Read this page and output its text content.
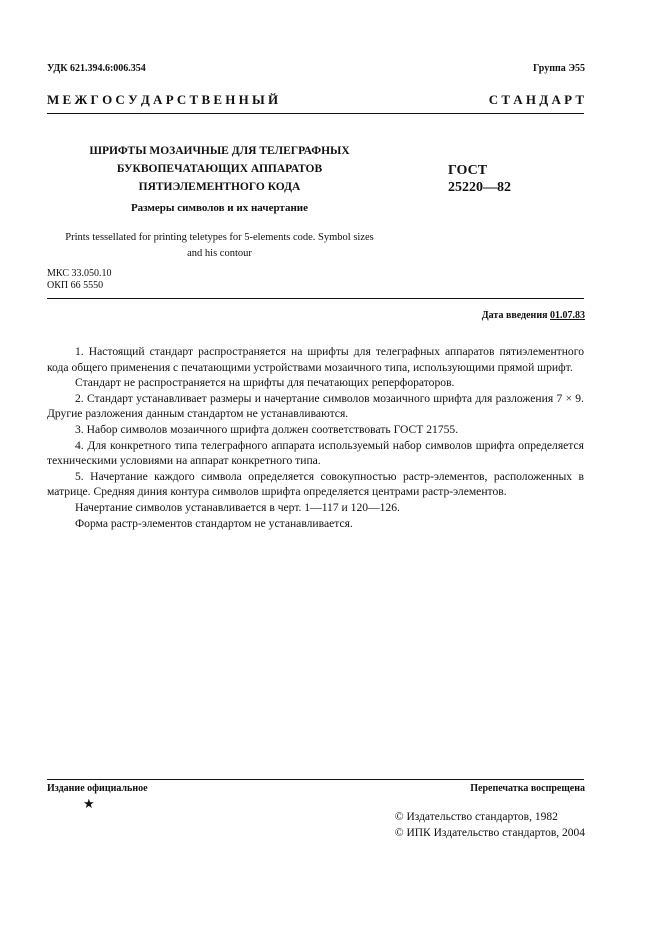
УДК 621.394.6:006.354	Группа Э55
М Е Ж Г О С У Д А Р С Т В Е Н Н Ы Й	С Т А Н Д А Р Т
ШРИФТЫ МОЗАИЧНЫЕ ДЛЯ ТЕЛЕГРАФНЫХ
БУКВОПЕЧАТАЮЩИХ АППАРАТОВ
ПЯТИЭЛЕМЕНТНОГО КОДА
Размеры символов и их начертание
Prints tessellated for printing teletypes for 5-elements code. Symbol sizes
and his contour
ГОСТ
25220—82
МКС 33.050.10
ОКП 66 5550
Дата введения 01.07.83

1. Настоящий стандарт распространяется на шрифты для телеграфных аппаратов пятиэлементного кода общего применения с печатающими устройствами мозаичного типа, использующими прямой шрифт.

Стандарт не распространяется на шрифты для печатающих реперфораторов.

2. Стандарт устанавливает размеры и начертание символов мозаичного шрифта для разложения 7 × 9. Другие разложения данным стандартом не устанавливаются.

3. Набор символов мозаичного шрифта должен соответствовать ГОСТ 21755.

4. Для конкретного типа телеграфного аппарата используемый набор символов шрифта определяется техническими условиями на аппарат конкретного типа.

5. Начертание каждого символа определяется совокупностью растр-элементов, расположенных в матрице. Средняя диния контура символов шрифта определяется центрами растр-элементов.

Начертание символов устанавливается в черт. 1—117 и 120—126.

Форма растр-элементов стандартом не устанавливается.

Издание официальное	Перепечатка воспрещена
★
© Издательство стандартов, 1982
© ИПК Издательство стандартов, 2004
